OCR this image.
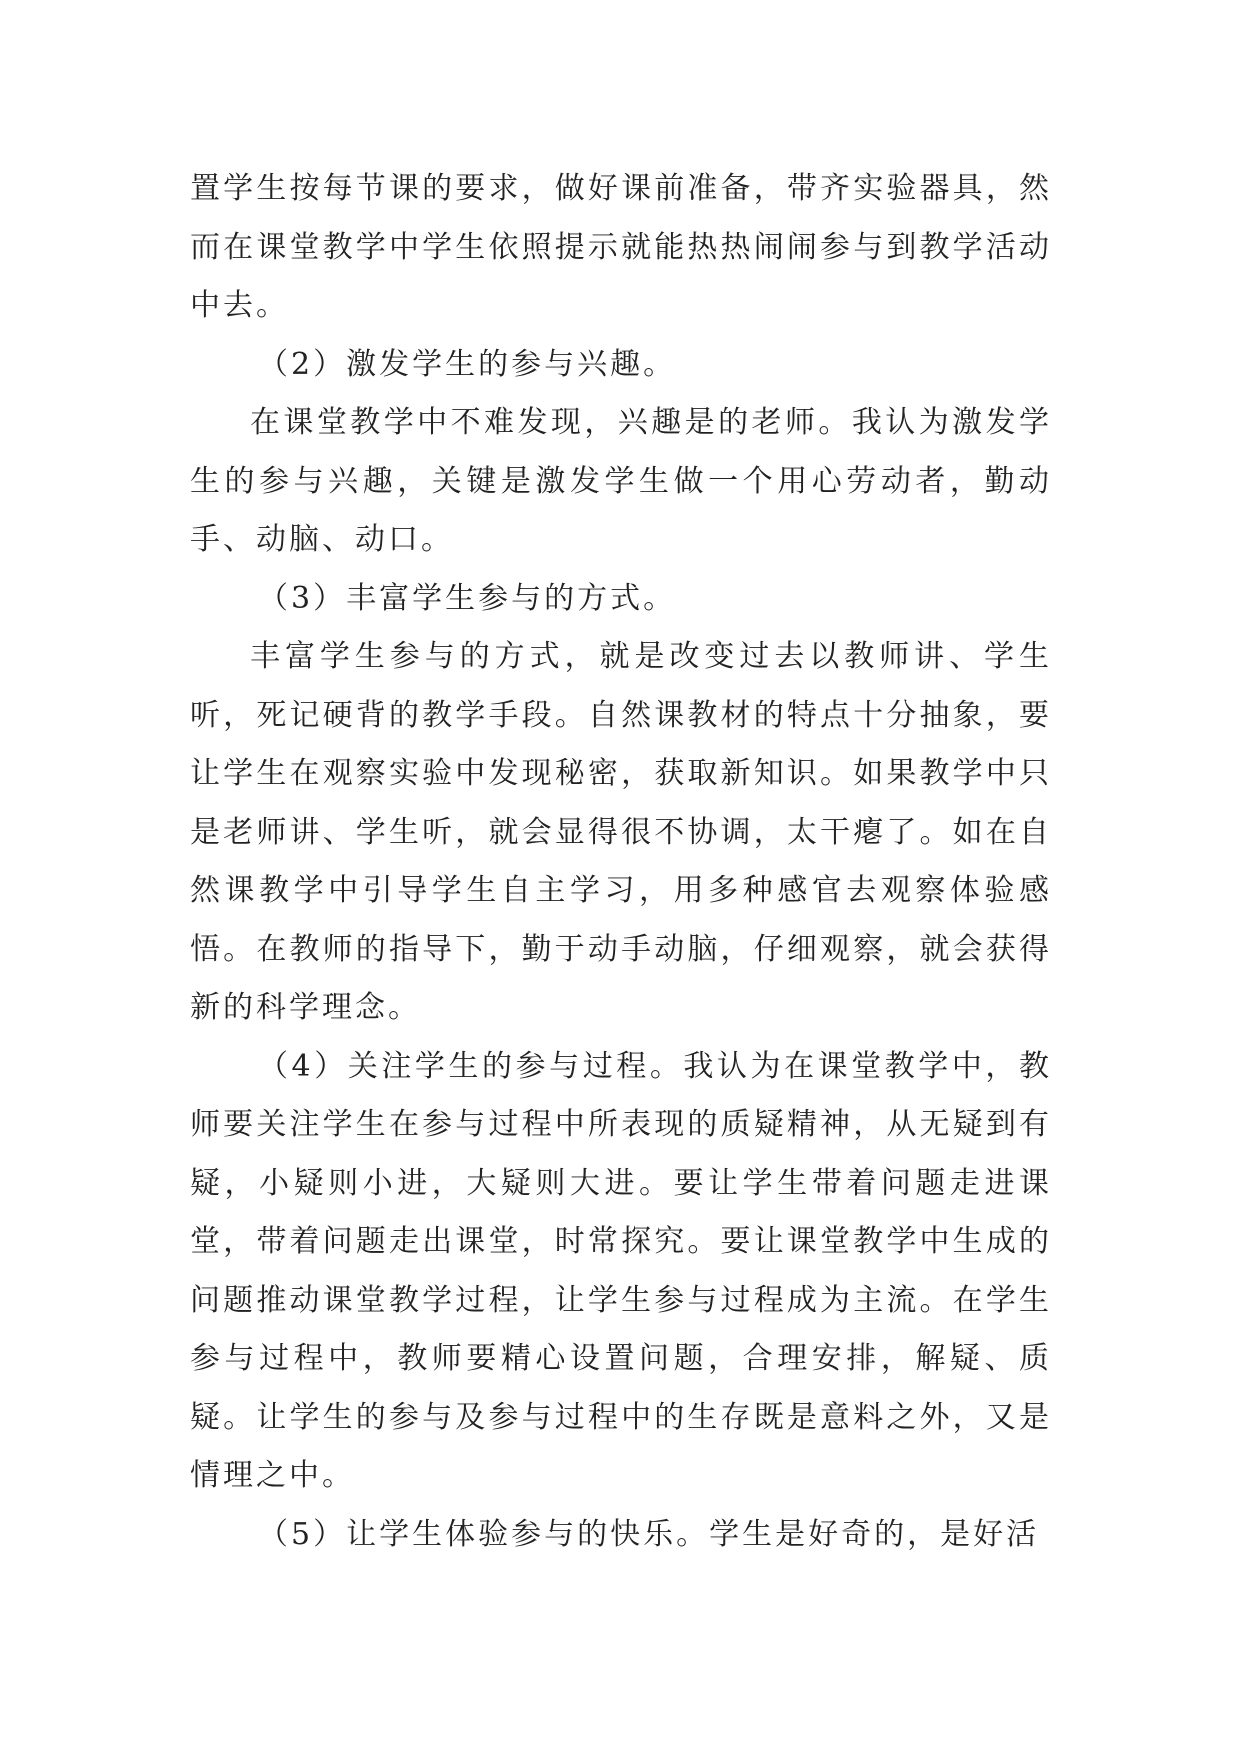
置学生按每节课的要求，做好课前准备，带齐实验器具，然而在课堂教学中学生依照提示就能热热闹闹参与到教学活动中去。

（2）激发学生的参与兴趣。

在课堂教学中不难发现，兴趣是的老师。我认为激发学生的参与兴趣，关键是激发学生做一个用心劳动者，勤动手、动脑、动口。

（3）丰富学生参与的方式。

丰富学生参与的方式，就是改变过去以教师讲、学生听，死记硬背的教学手段。自然课教材的特点十分抽象，要让学生在观察实验中发现秘密，获取新知识。如果教学中只是老师讲、学生听，就会显得很不协调，太干瘪了。如在自然课教学中引导学生自主学习，用多种感官去观察体验感悟。在教师的指导下，勤于动手动脑，仔细观察，就会获得新的科学理念。

（4）关注学生的参与过程。我认为在课堂教学中，教师要关注学生在参与过程中所表现的质疑精神，从无疑到有疑，小疑则小进，大疑则大进。要让学生带着问题走进课堂，带着问题走出课堂，时常探究。要让课堂教学中生成的问题推动课堂教学过程，让学生参与过程成为主流。在学生参与过程中，教师要精心设置问题，合理安排，解疑、质疑。让学生的参与及参与过程中的生存既是意料之外，又是情理之中。

（5）让学生体验参与的快乐。学生是好奇的，是好活
